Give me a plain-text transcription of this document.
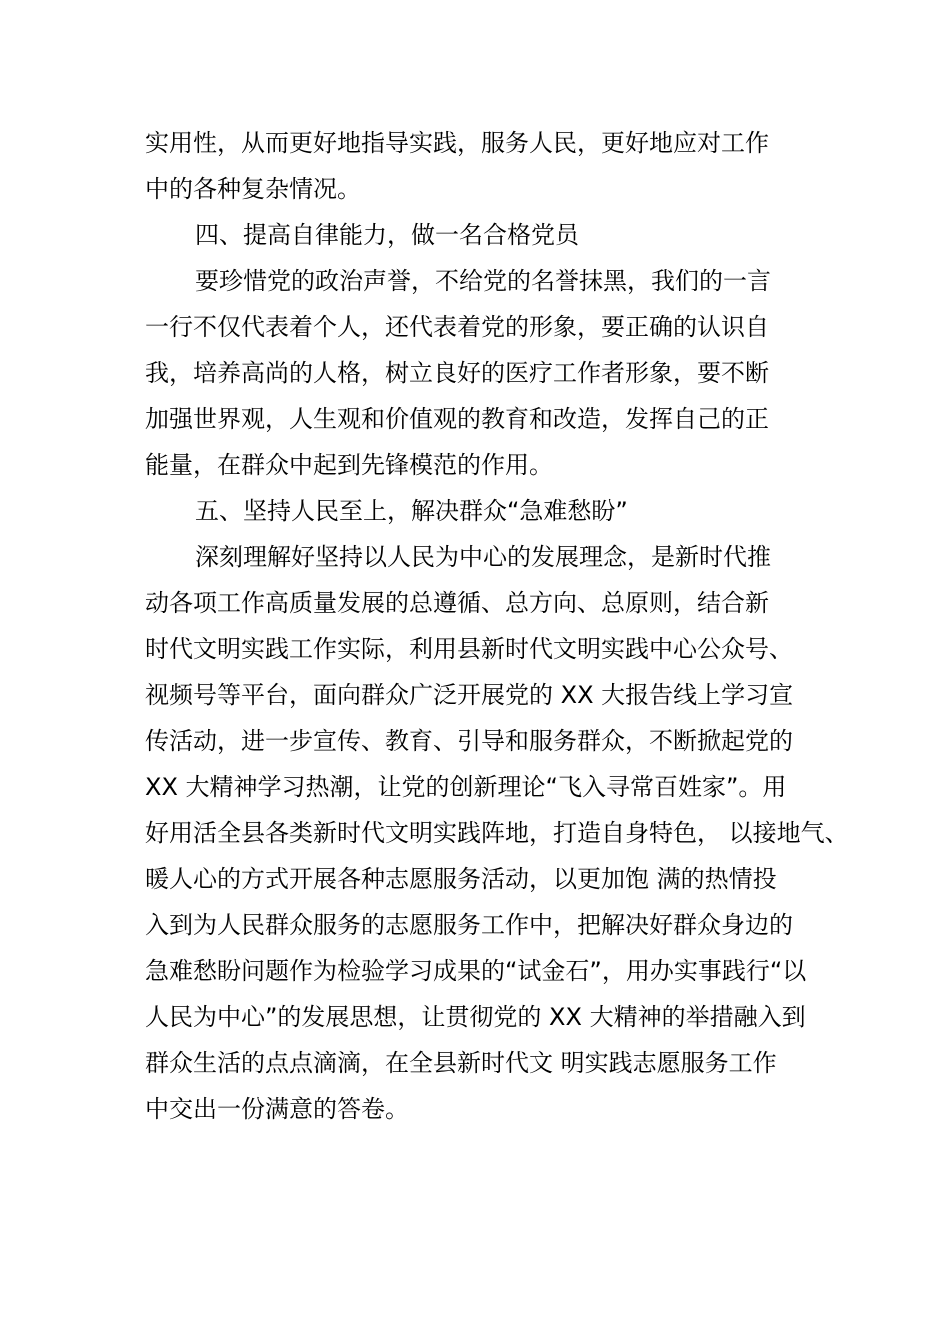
实用性，从而更好地指导实践，服务人民，更好地应对工作
中的各种复杂情况。
四、提高自律能力，做一名合格党员
要珍惜党的政治声誉，不给党的名誉抹黑，我们的一言
一行不仅代表着个人，还代表着党的形象，要正确的认识自
我，培养高尚的人格，树立良好的医疗工作者形象，要不断
加强世界观，人生观和价值观的教育和改造，发挥自己的正
能量，在群众中起到先锋模范的作用。
五、坚持人民至上，解决群众“急难愁盼”
深刻理解好坚持以人民为中心的发展理念，是新时代推
动各项工作高质量发展的总遵循、总方向、总原则，结合新
时代文明实践工作实际，利用县新时代文明实践中心公众号、
视频号等平台，面向群众广泛开展党的 XX 大报告线上学习宣
传活动，进一步宣传、教育、引导和服务群众，不断掀起党的
XX 大精神学习热潮，让党的创新理论“飞入寻常百姓家”。用
好用活全县各类新时代文明实践阵地，打造自身特色， 以接地气、
暖人心的方式开展各种志愿服务活动，以更加饱 满的热情投
入到为人民群众服务的志愿服务工作中，把解决好群众身边的
急难愁盼问题作为检验学习成果的“试金石”，用办实事践行“以
人民为中心”的发展思想，让贯彻党的 XX 大精神的举措融入到
群众生活的点点滴滴，在全县新时代文 明实践志愿服务工作
中交出一份满意的答卷。
